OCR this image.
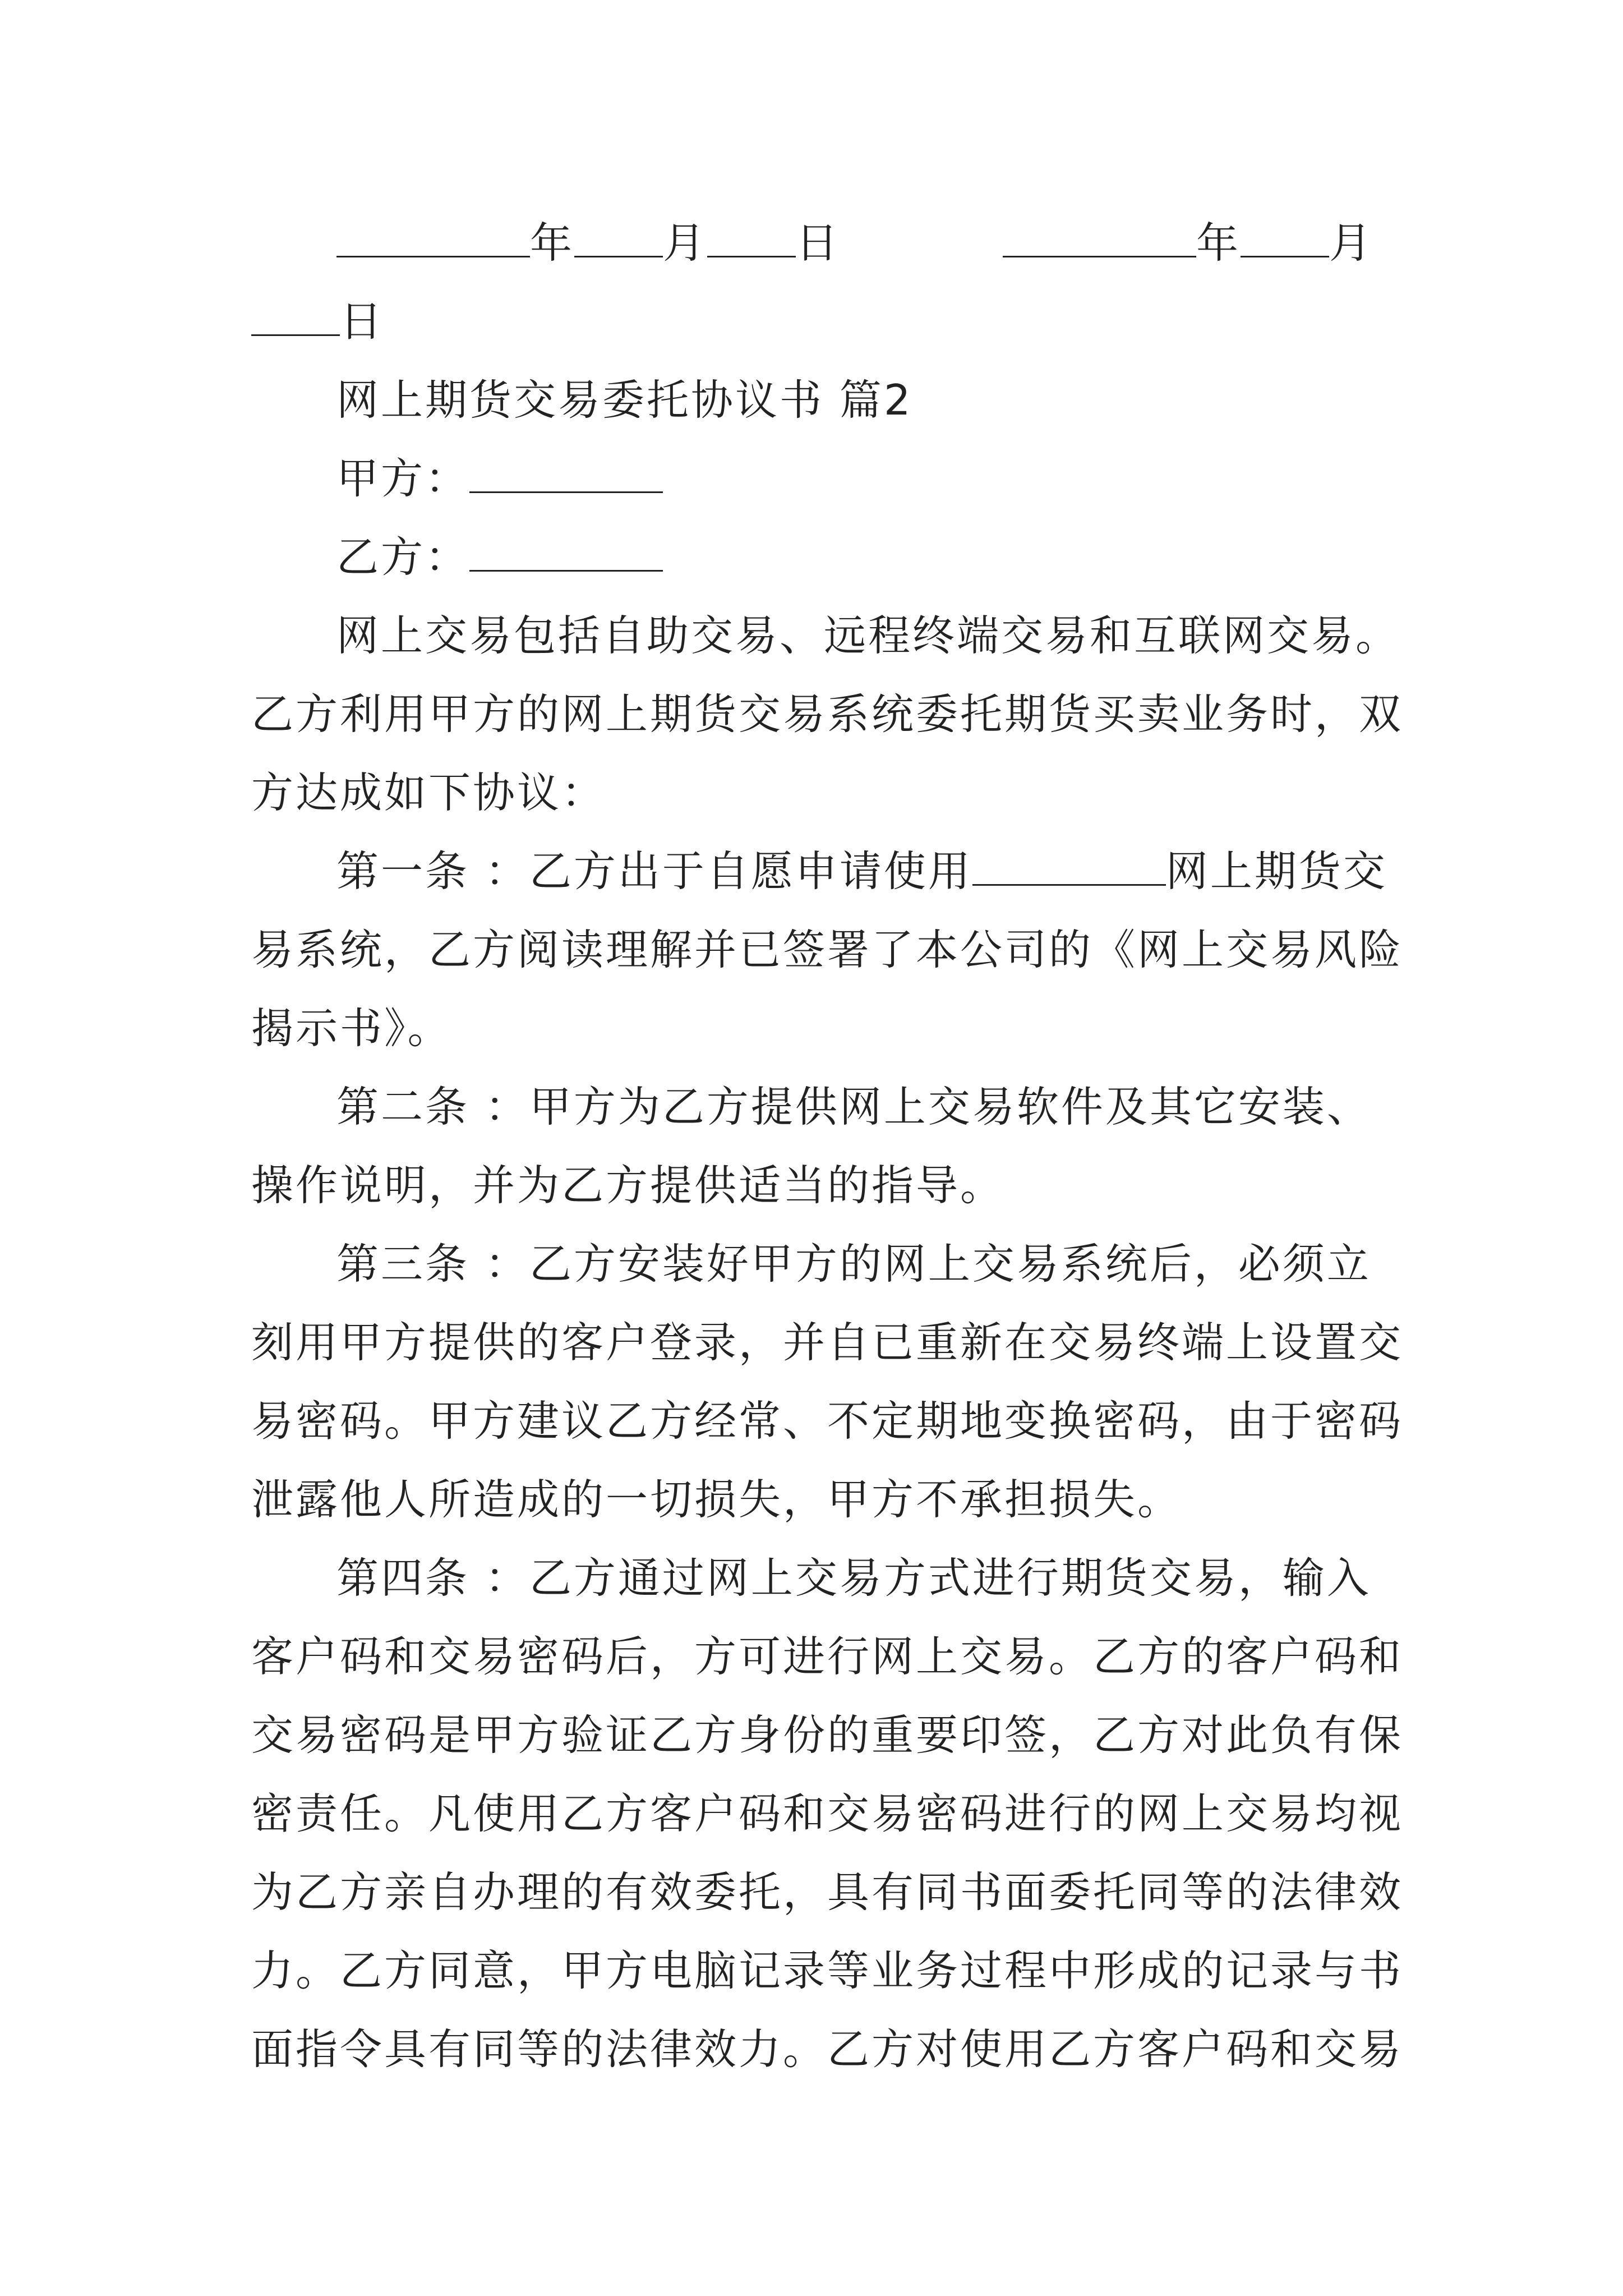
年 月 日	年 月
日
网上期货交易委托协议书 篇2
甲方：
乙方：
网上交易包括自助交易、远程终端交易和互联网交易。
乙方利用甲方的网上期货交易系统委托期货买卖业务时，双
方达成如下协议：
第一条 ：乙方出于自愿申请使用	网上期货交
易系统，乙方阅读理解并已签署了本公司的《网上交易风险
揭示书》。
第二条 ：甲方为乙方提供网上交易软件及其它安装、
操作说明，并为乙方提供适当的指导。
第三条 ：乙方安装好甲方的网上交易系统后，必须立
刻用甲方提供的客户登录，并自已重新在交易终端上设置交
易密码。甲方建议乙方经常、不定期地变换密码，由于密码
泄露他人所造成的一切损失，甲方不承担损失。
第四条 ：乙方通过网上交易方式进行期货交易，输入
客户码和交易密码后，方可进行网上交易。乙方的客户码和
交易密码是甲方验证乙方身份的重要印签，乙方对此负有保
密责任。凡使用乙方客户码和交易密码进行的网上交易均视
为乙方亲自办理的有效委托，具有同书面委托同等的法律效
力。乙方同意，甲方电脑记录等业务过程中形成的记录与书
面指令具有同等的法律效力。乙方对使用乙方客户码和交易
